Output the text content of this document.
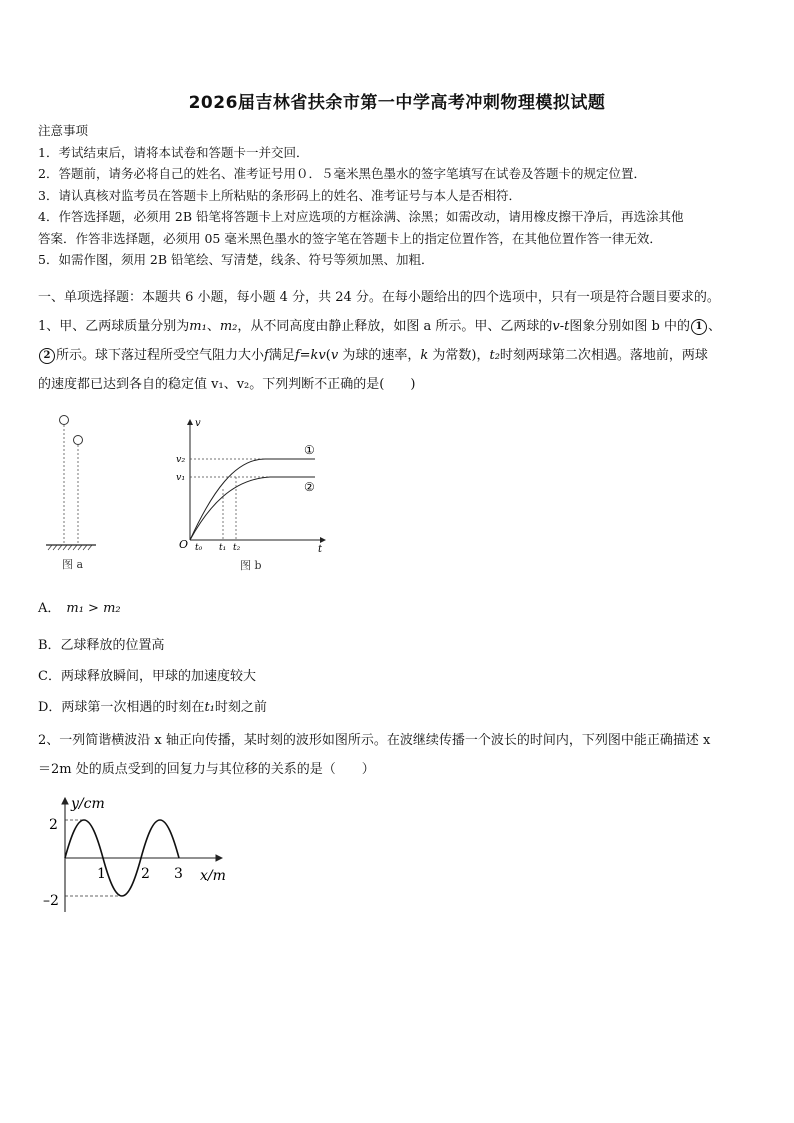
2026届吉林省扶余市第一中学高考冲刺物理模拟试题

注意事项

1．考试结束后，请将本试卷和答题卡一并交回．

2．答题前，请务必将自己的姓名、准考证号用０．５毫米黑色墨水的签字笔填写在试卷及答题卡的规定位置．

3．请认真核对监考员在答题卡上所粘贴的条形码上的姓名、准考证号与本人是否相符．

4．作答选择题，必须用 2B 铅笔将答题卡上对应选项的方框涂满、涂黑；如需改动，请用橡皮擦干净后，再选涂其他

答案．作答非选择题，必须用 05 毫米黑色墨水的签字笔在答题卡上的指定位置作答，在其他位置作答一律无效．

5．如需作图，须用 2B 铅笔绘、写清楚，线条、符号等须加黑、加粗．

一、单项选择题：本题共 6 小题，每小题 4 分，共 24 分。在每小题给出的四个选项中，只有一项是符合题目要求的。

1、甲、乙两球质量分别为m₁、m₂，从不同高度由静止释放，如图 a 所示。甲、乙两球的v-t图象分别如图 b 中的 1 、

2 所示。球下落过程所受空气阻力大小f满足f=kv(v 为球的速率，k 为常数)，t₂时刻两球第二次相遇。落地前，两球

的速度都已达到各自的稳定值 v₁、v₂。下列判断不正确的是(　　)

图 a
v
t
O
v₂
v₁
t₀ t₁ t₂
①
②
图 b
A． m₁ > m₂
B．乙球释放的位置高
C．两球释放瞬间，甲球的加速度较大
D．两球第一次相遇的时刻在t₁时刻之前

2、一列简谐横波沿 x 轴正向传播，某时刻的波形如图所示。在波继续传播一个波长的时间内，下列图中能正确描述 x

＝2m 处的质点受到的回复力与其位移的关系的是（　　）

y/cm
x/m
2
–2
1	2 3
